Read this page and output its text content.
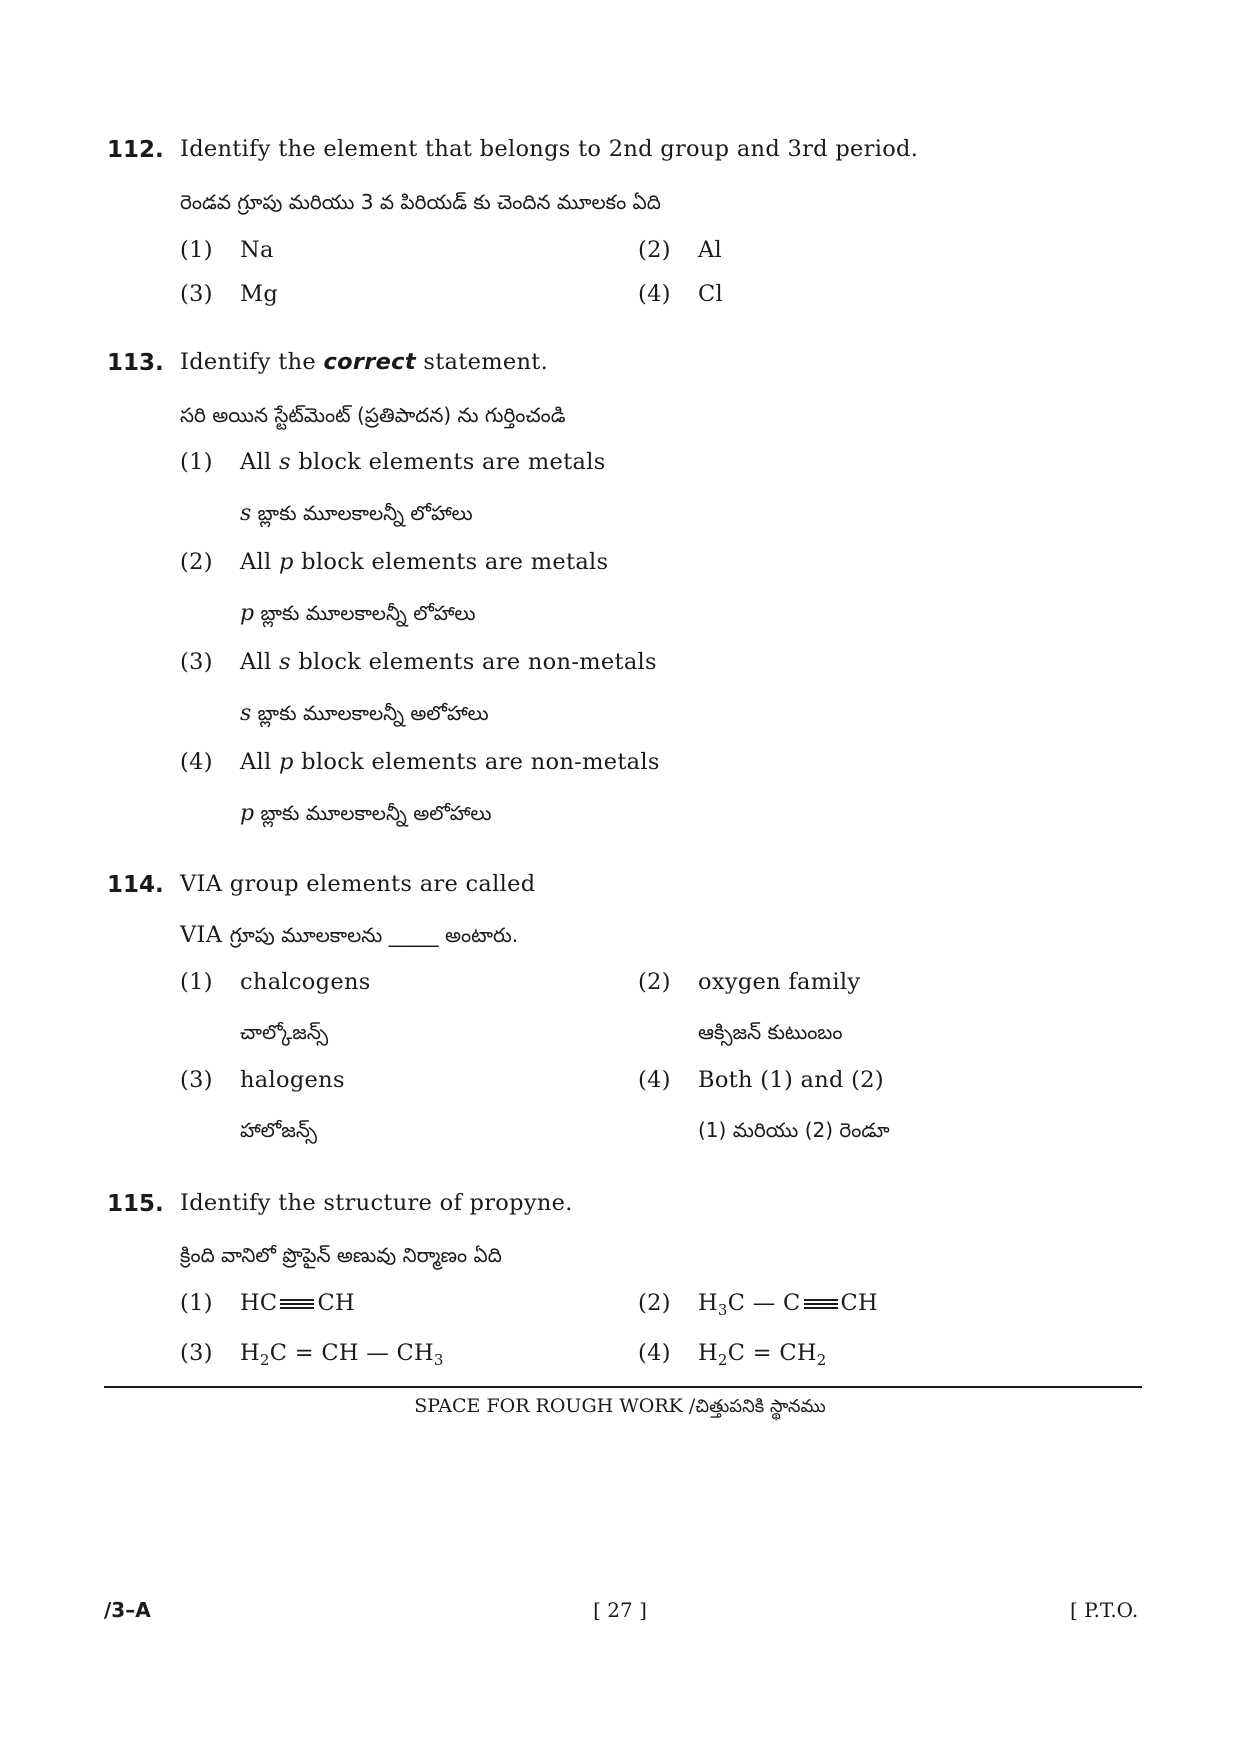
112. Identify the element that belongs to 2nd group and 3rd period.
రెండవ గ్రూపు మరియు 3 వ పిరియడ్ కు చెందిన మూలకం ఏది
(1) Na	(2) Al
(3) Mg	(4) Cl
113. Identify the correct statement.
సరి అయిన స్టేట్‌మెంట్ (ప్రతిపాదన) ను గుర్తించండి
(1) All s block elements are metals
s బ్లాకు మూలకాలన్నీ లోహాలు
(2) All p block elements are metals
p బ్లాకు మూలకాలన్నీ లోహాలు
(3) All s block elements are non-metals
s బ్లాకు మూలకాలన్నీ అలోహాలు
(4) All p block elements are non-metals
p బ్లాకు మూలకాలన్నీ అలోహాలు
114. VIA group elements are called
VIA గ్రూపు మూలకాలను _____ అంటారు.
(1) chalcogens
చాల్కోజన్స్
(2) oxygen family
ఆక్సిజన్ కుటుంబం
(3) halogens
హాలోజన్స్
(4) Both (1) and (2)
(1) మరియు (2) రెండూ
115. Identify the structure of propyne.
క్రింది వానిలో ప్రొపైన్ అణువు నిర్మాణం ఏది
(1) HC CH	(2) $H_3C$ — C CH
(3) $H_2C$ = CH — $CH_3$	(4) $H_2C = CH_2$
SPACE FOR ROUGH WORK /చిత్తుపనికి స్థానము
/3–A	[ 27 ]	[ P.T.O.
